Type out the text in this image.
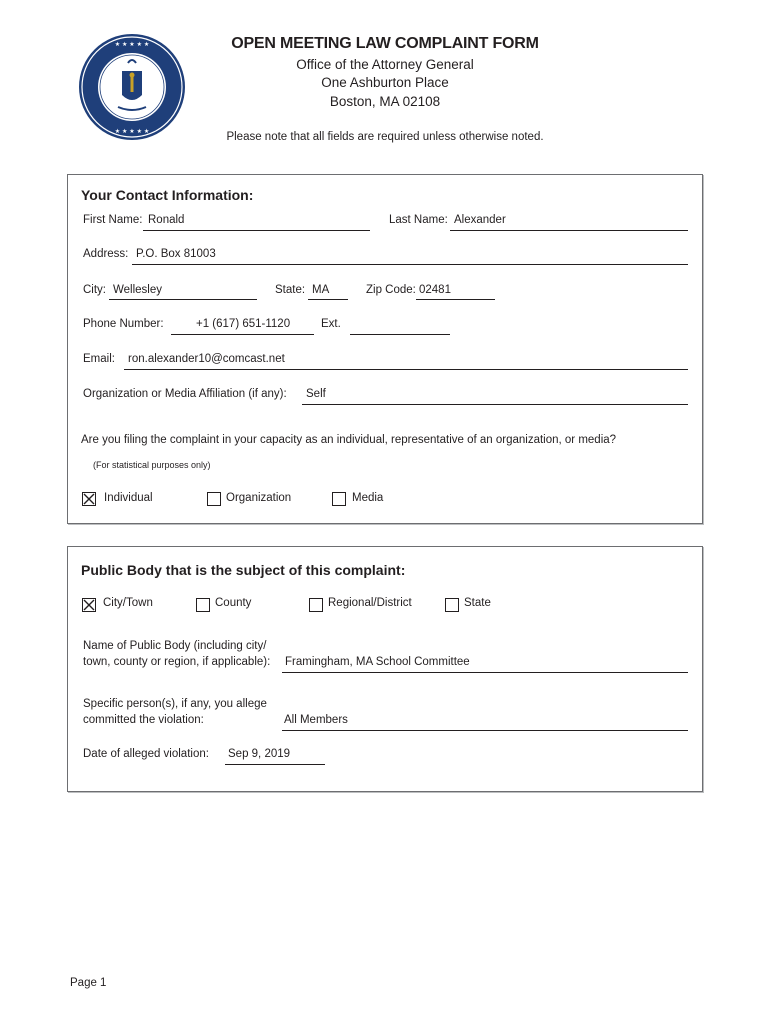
★ ★ ★ ★ ★
★ ★ ★ ★ ★
OPEN MEETING LAW COMPLAINT FORM
Office of the Attorney General
One Ashburton Place
Boston, MA 02108
Please note that all fields are required unless otherwise noted.
Your Contact Information:
First Name: Ronald	Last Name: Alexander
Address: P.O. Box 81003
City: Wellesley	State: MA	Zip Code: 02481
Phone Number:	+1 (617) 651-1120	Ext.
Email: ron.alexander10@comcast.net
Organization or Media Affiliation (if any): Self
Are you filing the complaint in your capacity as an individual, representative of an organization, or media?
(For statistical purposes only)
Individual	Organization	Media
Public Body that is the subject of this complaint:
City/Town	County	Regional/District	State
Name of Public Body (including city/
town, county or region, if applicable): Framingham, MA School Committee
Specific person(s), if any, you allege
committed the violation:	All Members
Date of alleged violation: Sep 9, 2019
Page 1
